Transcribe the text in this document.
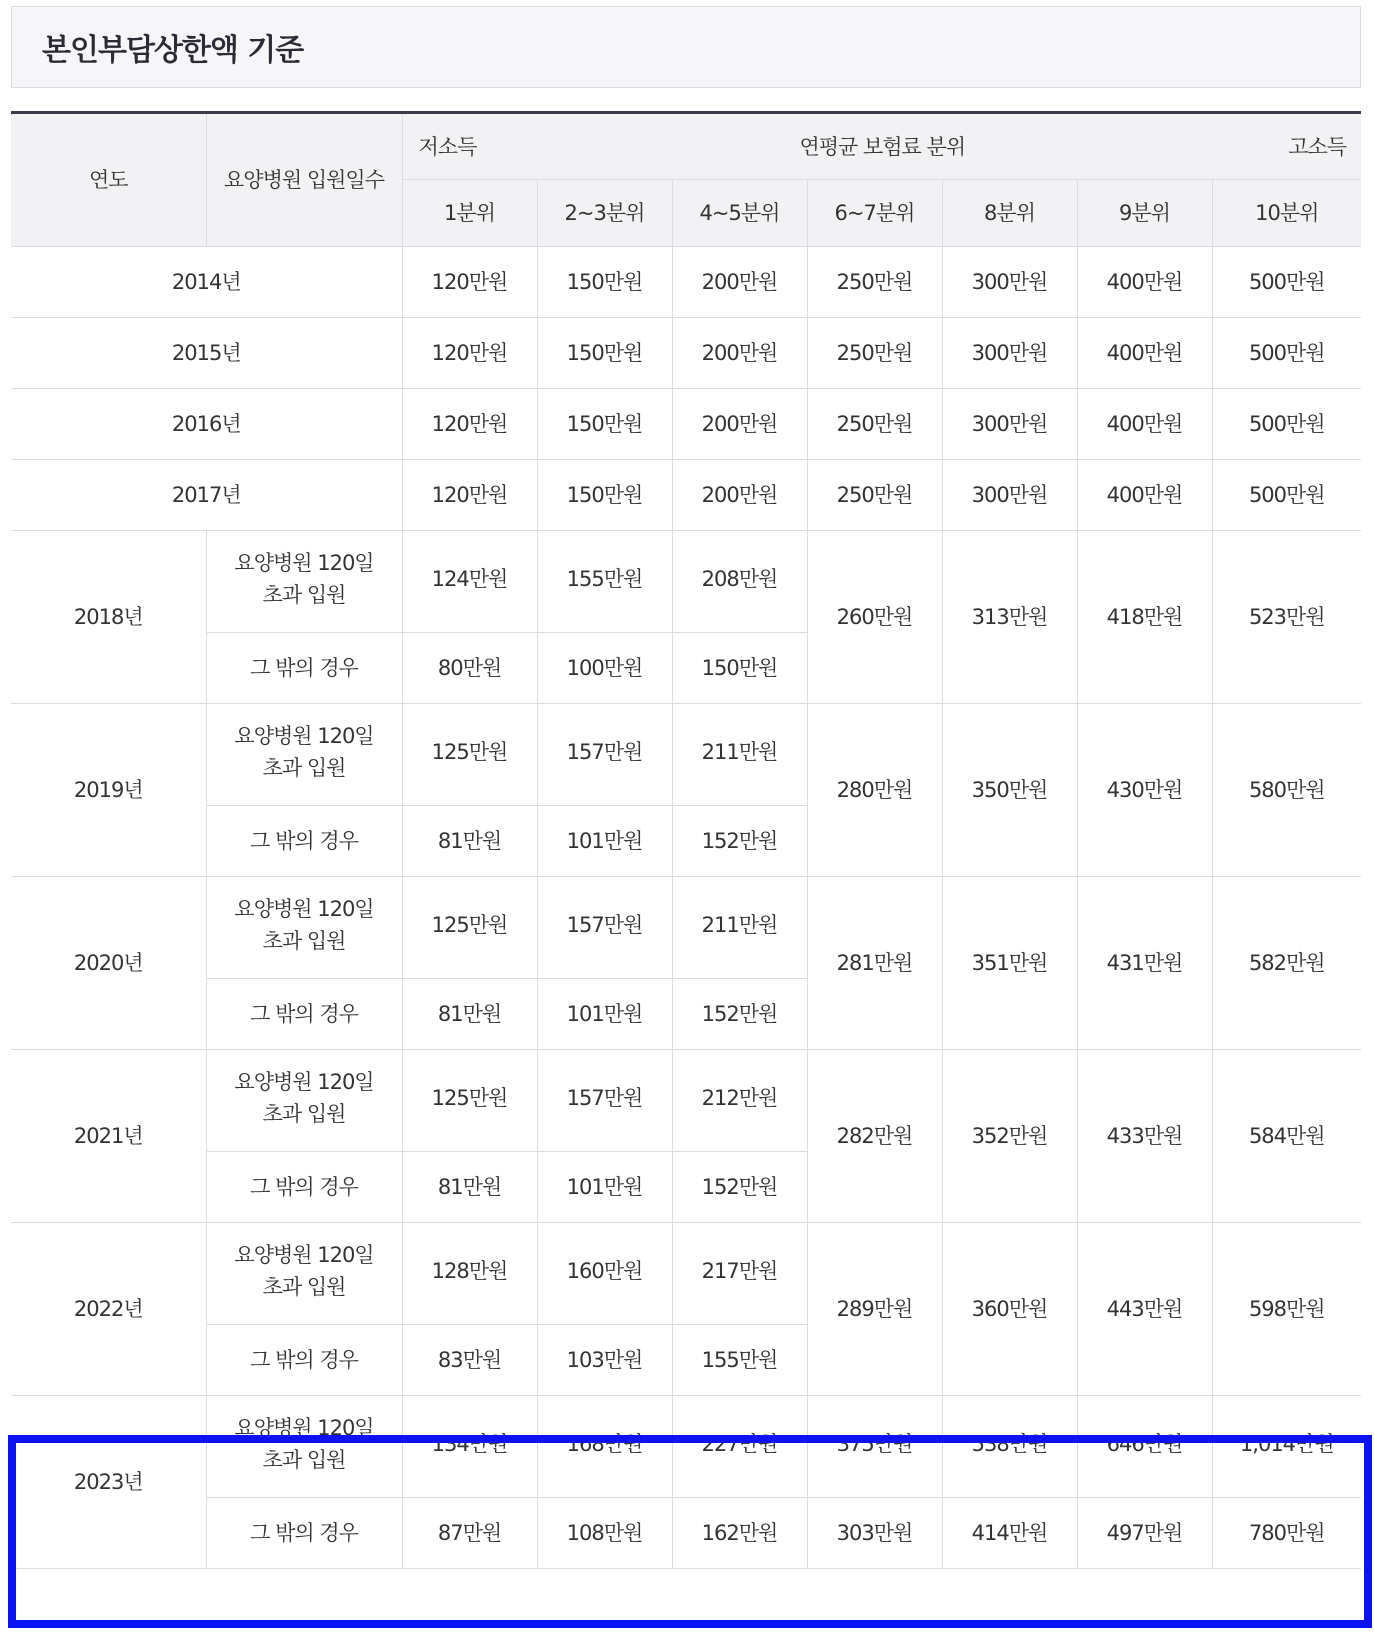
본인부담상한액 기준
연도	요양병원 입원일수	저소득 연평균 보험료 분위 고소득						

		1분위	2~3분위	4~5분위	6~7분위	8분위	9분위	10분위
2014년		120만원	150만원	200만원	250만원	300만원	400만원	500만원
2015년		120만원	150만원	200만원	250만원	300만원	400만원	500만원
2016년		120만원	150만원	200만원	250만원	300만원	400만원	500만원
2017년		120만원	150만원	200만원	250만원	300만원	400만원	500만원
2018년	요양병원 120일
초과 입원	124만원	155만원	208만원	260만원	313만원	418만원	523만원
	그 밖의 경우	80만원	100만원	150만원				
2019년	요양병원 120일
초과 입원	125만원	157만원	211만원	280만원	350만원	430만원	580만원
	그 밖의 경우	81만원	101만원	152만원				
2020년	요양병원 120일
초과 입원	125만원	157만원	211만원	281만원	351만원	431만원	582만원
	그 밖의 경우	81만원	101만원	152만원				
2021년	요양병원 120일
초과 입원	125만원	157만원	212만원	282만원	352만원	433만원	584만원
	그 밖의 경우	81만원	101만원	152만원				
2022년	요양병원 120일
초과 입원	128만원	160만원	217만원	289만원	360만원	443만원	598만원
	그 밖의 경우	83만원	103만원	155만원				
2023년	요양병원 120일
초과 입원	134만원	168만원	227만원	375만원	538만원	646만원	1,014만원
	그 밖의 경우	87만원	108만원	162만원	303만원	414만원	497만원	780만원
